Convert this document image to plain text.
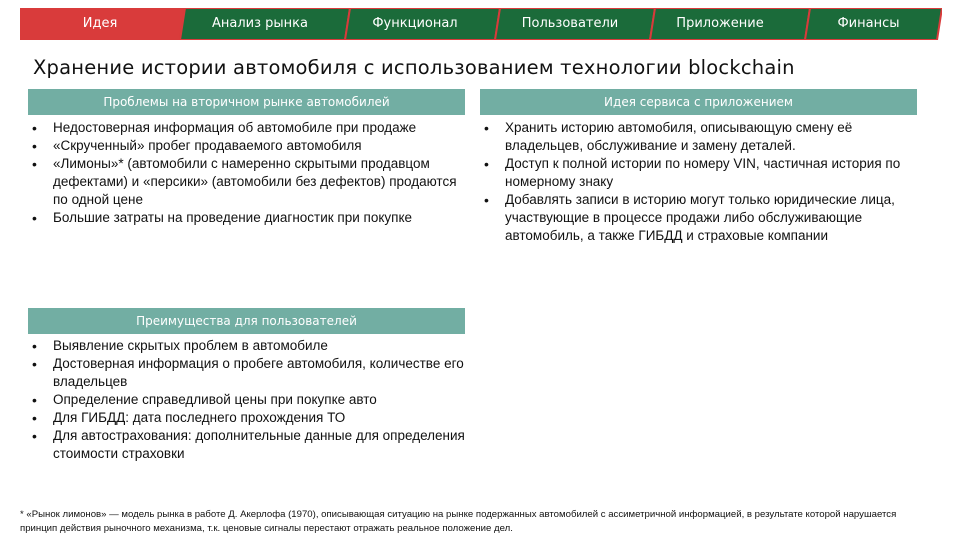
Идея	Анализ рынка	Функционал	Пользователи	Приложение	Финансы
Хранение истории автомобиля с использованием технологии blockchain
Проблемы на вторичном рынке автомобилей
• Недостоверная информация об автомобиле при продаже
• «Скрученный» пробег продаваемого автомобиля
• «Лимоны»* (автомобили с намеренно скрытыми продавцом дефектами) и «персики» (автомобили без дефектов) продаются по одной цене
• Большие затраты на проведение диагностик при покупке
Идея сервиса с приложением
• Хранить историю автомобиля, описывающую смену её владельцев, обслуживание и замену деталей.
• Доступ к полной истории по номеру VIN, частичная история по номерному знаку
• Добавлять записи в историю могут только юридические лица, участвующие в процессе продажи либо обслуживающие автомобиль, а также ГИБДД и страховые компании
Преимущества для пользователей
• Выявление скрытых проблем в автомобиле
• Достоверная информация о пробеге автомобиля, количестве его владельцев
• Определение справедливой цены при покупке авто
• Для ГИБДД: дата последнего прохождения ТО
• Для автострахования: дополнительные данные для определения стоимости страховки
* «Рынок лимонов» — модель рынка в работе Д. Акерлофа (1970), описывающая ситуацию на рынке подержанных автомобилей с ассиметричной информацией, в результате которой нарушается принцип действия рыночного механизма, т.к. ценовые сигналы перестают отражать реальное положение дел.
